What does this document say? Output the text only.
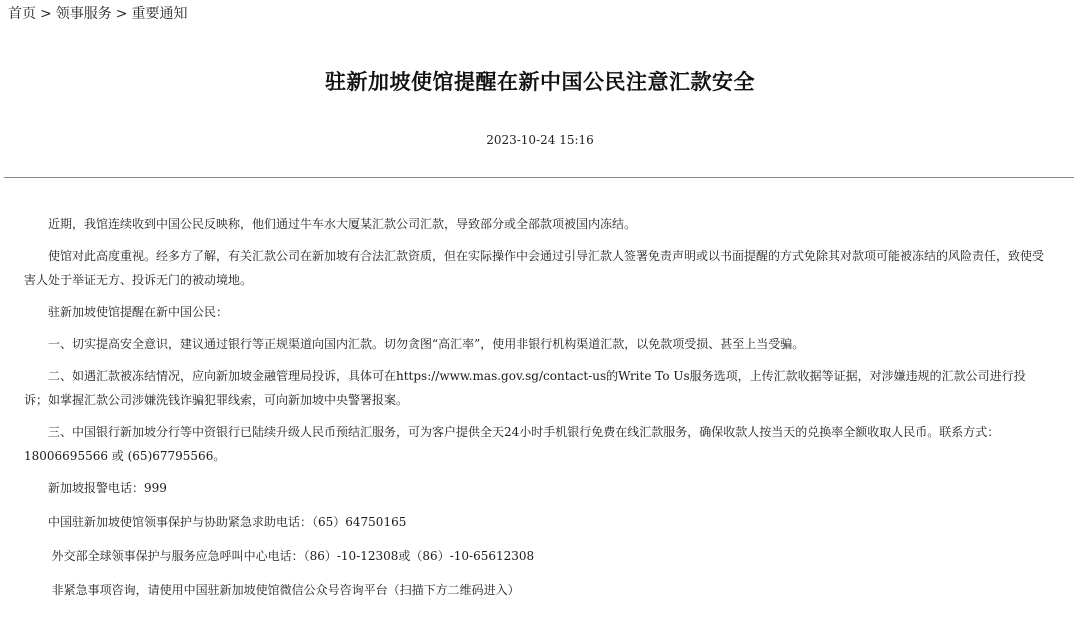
首页 > 领事服务 > 重要通知
驻新加坡使馆提醒在新中国公民注意汇款安全
2023-10-24 15:16

近期，我馆连续收到中国公民反映称，他们通过牛车水大厦某汇款公司汇款，导致部分或全部款项被国内冻结。

使馆对此高度重视。经多方了解，有关汇款公司在新加坡有合法汇款资质，但在实际操作中会通过引导汇款人签署免责声明或以书面提醒的方式免除其对款项可能被冻结的风险责任，致使受害人处于举证无方、投诉无门的被动境地。

驻新加坡使馆提醒在新中国公民：

一、切实提高安全意识，建议通过银行等正规渠道向国内汇款。切勿贪图“高汇率”，使用非银行机构渠道汇款，以免款项受损、甚至上当受骗。

二、如遇汇款被冻结情况，应向新加坡金融管理局投诉，具体可在https://www.mas.gov.sg/contact-us的Write To Us服务选项，上传汇款收据等证据，对涉嫌违规的汇款公司进行投诉；如掌握汇款公司涉嫌洗钱诈骗犯罪线索，可向新加坡中央警署报案。

三、中国银行新加坡分行等中资银行已陆续升级人民币预结汇服务，可为客户提供全天24小时手机银行免费在线汇款服务，确保收款人按当天的兑换率全额收取人民币。联系方式：18006695566 或 (65)67795566。

新加坡报警电话：999

中国驻新加坡使馆领事保护与协助紧急求助电话：（65）64750165

外交部全球领事保护与服务应急呼叫中心电话：（86）-10-12308或（86）-10-65612308

非紧急事项咨询，请使用中国驻新加坡使馆微信公众号咨询平台（扫描下方二维码进入）
